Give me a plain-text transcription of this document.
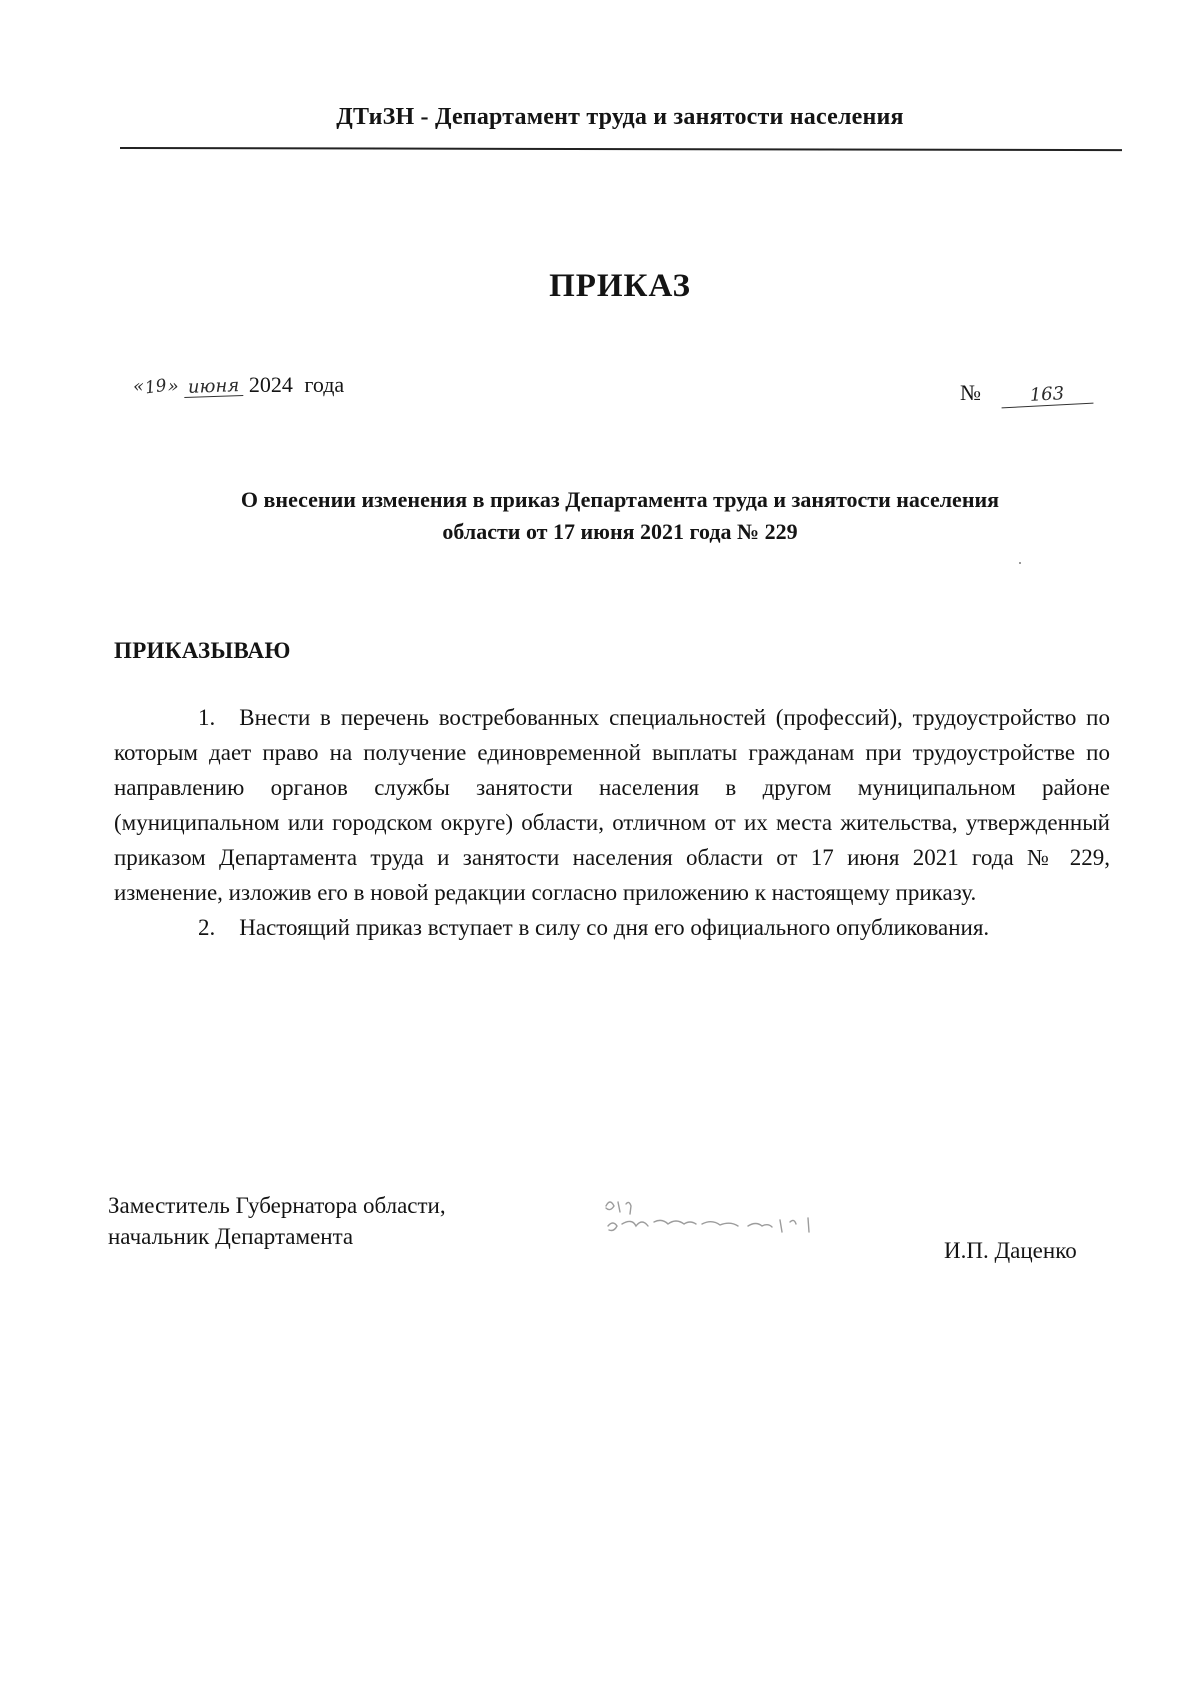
ДТиЗН - Департамент труда и занятости населения
ПРИКАЗ
«19» июня 2024 года	№	163
О внесении изменения в приказ Департамента труда и занятости населения
области от 17 июня 2021 года № 229
ПРИКАЗЫВАЮ

1. Внести в перечень востребованных специальностей (профессий), трудоустройство по которым дает право на получение единовременной выплаты гражданам при трудоустройстве по направлению органов службы занятости населения в другом муниципальном районе (муниципальном или городском округе) области, отличном от их места жительства, утвержденный приказом Департамента труда и занятости населения области от 17 июня 2021 года № 229, изменение, изложив его в новой редакции согласно приложению к настоящему приказу.

2. Настоящий приказ вступает в силу со дня его официального опубликования.

Заместитель Губернатора области,
начальник Департамента
И.П. Даценко
